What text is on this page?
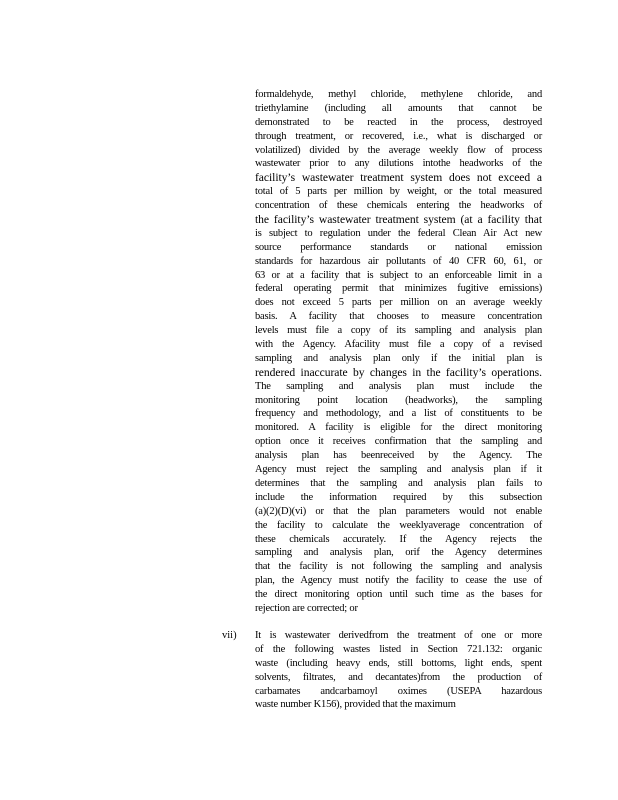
formaldehyde, methyl chloride, methylene chloride, and
triethylamine (including all amounts that cannot be
demonstrated to be reacted in the process, destroyed
through treatment, or recovered, i.e., what is discharged or
volatilized) divided by the average weekly flow of process
wastewater prior to any dilutions intothe headworks of the
facility’s wastewater treatment system does not exceed a
total of 5 parts per million by weight, or the total measured
concentration of these chemicals entering the headworks of
the facility’s wastewater treatment system (at a facility that
is subject to regulation under the federal Clean Air Act new
source performance standards or national emission
standards for hazardous air pollutants of 40 CFR 60, 61, or
63 or at a facility that is subject to an enforceable limit in a
federal operating permit that minimizes fugitive emissions)
does not exceed 5 parts per million on an average weekly
basis. A facility that chooses to measure concentration
levels must file a copy of its sampling and analysis plan
with the Agency. Afacility must file a copy of a revised
sampling and analysis plan only if the initial plan is
rendered inaccurate by changes in the facility’s operations.
The sampling and analysis plan must include the
monitoring point location (headworks), the sampling
frequency and methodology, and a list of constituents to be
monitored. A facility is eligible for the direct monitoring
option once it receives confirmation that the sampling and
analysis plan has beenreceived by the Agency. The
Agency must reject the sampling and analysis plan if it
determines that the sampling and analysis plan fails to
include the information required by this subsection
(a)(2)(D)(vi) or that the plan parameters would not enable
the facility to calculate the weeklyaverage concentration of
these chemicals accurately. If the Agency rejects the
sampling and analysis plan, orif the Agency determines
that the facility is not following the sampling and analysis
plan, the Agency must notify the facility to cease the use of
the direct monitoring option until such time as the bases for
rejection are corrected; or
vii) It is wastewater derivedfrom the treatment of one or more
of the following wastes listed in Section 721.132: organic
waste (including heavy ends, still bottoms, light ends, spent
solvents, filtrates, and decantates)from the production of
carbamates andcarbamoyl oximes (USEPA hazardous
waste number K156), provided that the maximum
